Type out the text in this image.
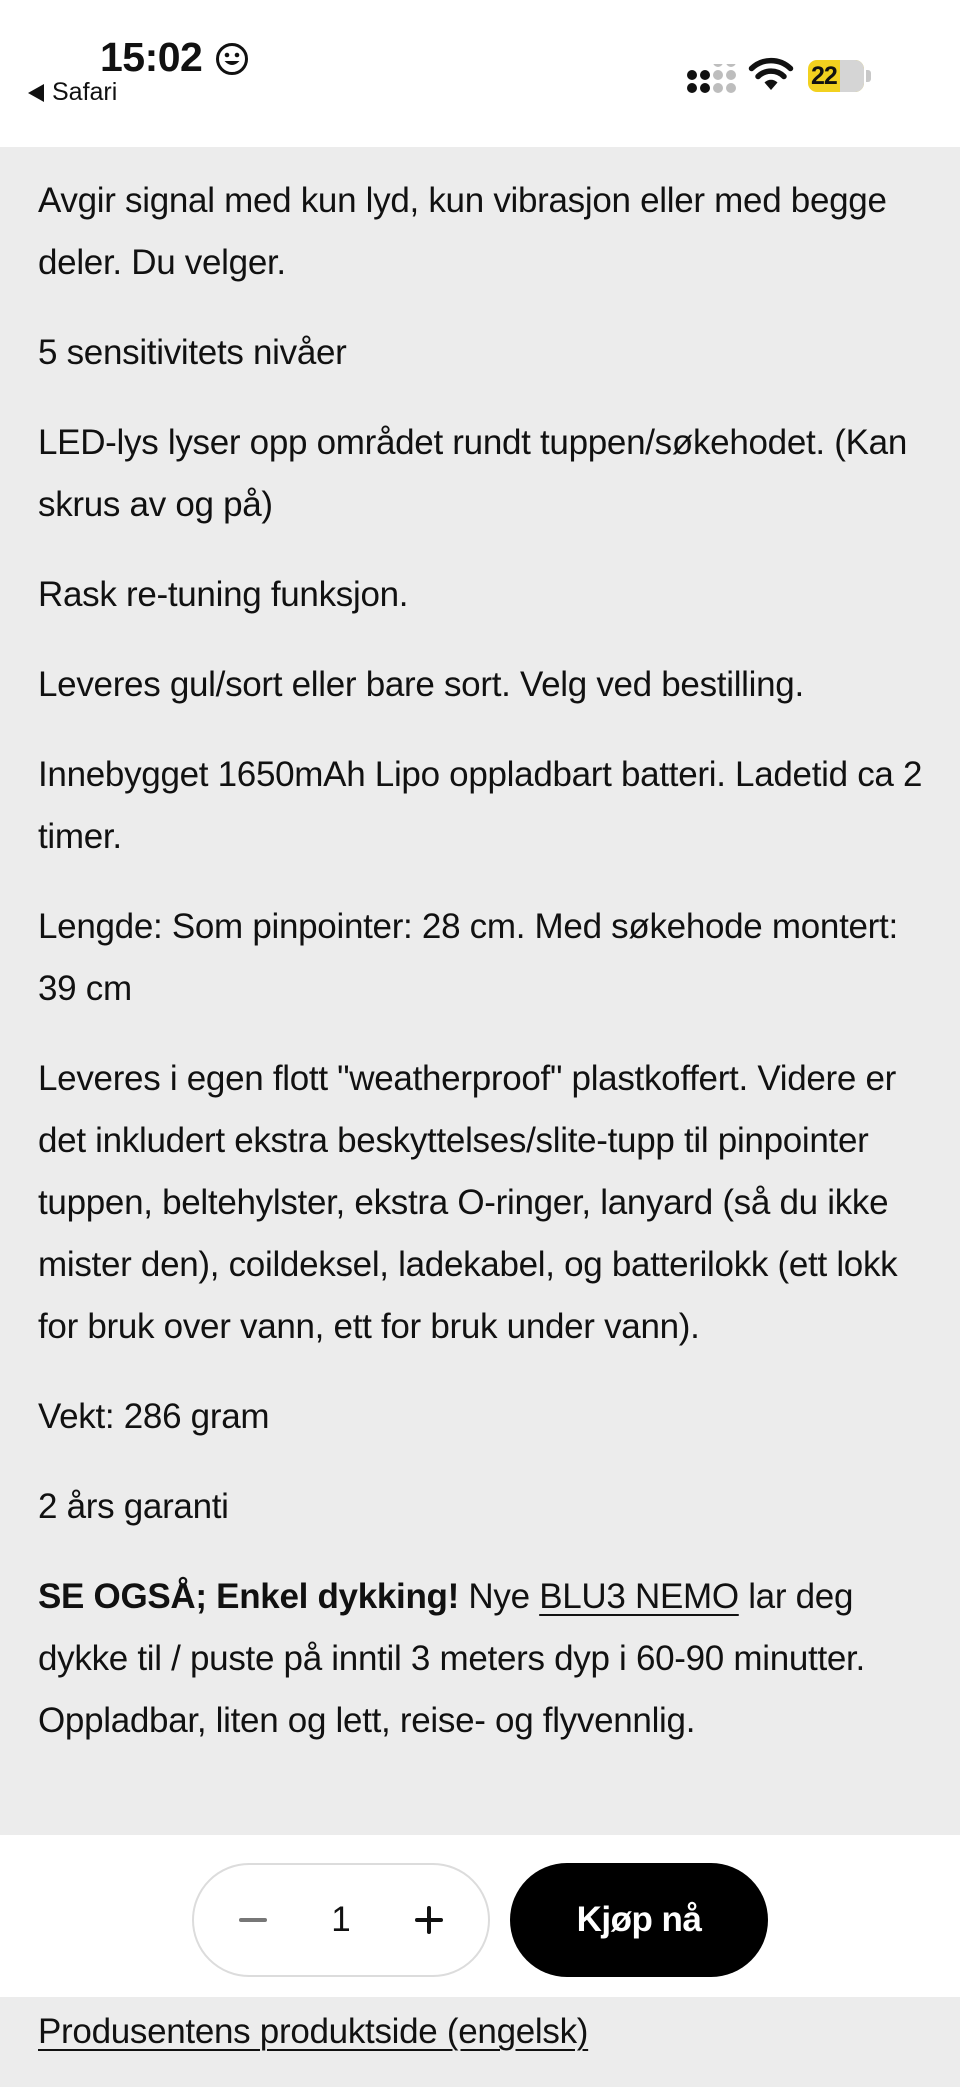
15:02
Safari
22

Avgir signal med kun lyd, kun vibrasjon eller med begge deler. Du velger.

5 sensitivitets nivåer

LED-lys lyser opp området rundt tuppen/søkehodet. (Kan skrus av og på)

Rask re-tuning funksjon.

Leveres gul/sort eller bare sort. Velg ved bestilling.

Innebygget 1650mAh Lipo oppladbart batteri. Ladetid ca 2 timer.

Lengde: Som pinpointer: 28 cm. Med søkehode montert: 39 cm

Leveres i egen flott "weatherproof" plastkoffert. Videre er det inkludert ekstra beskyttelses/slite-tupp til pinpointer tuppen, beltehylster, ekstra O-ringer, lanyard (så du ikke mister den), coildeksel, ladekabel, og batterilokk (ett lokk for bruk over vann, ett for bruk under vann).

Vekt: 286 gram

2 års garanti

SE OGSÅ; Enkel dykking! Nye BLU3 NEMO lar deg dykke til / puste på inntil 3 meters dyp i 60-90 minutter. Oppladbar, liten og lett, reise- og flyvennlig.

1	Kjøp nå
Produsentens produktside (engelsk)
